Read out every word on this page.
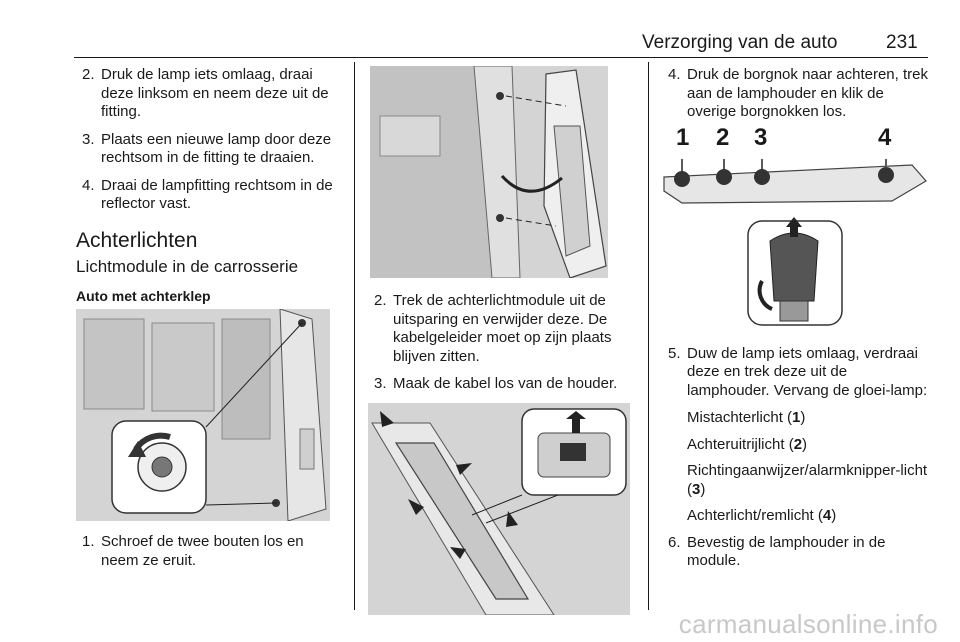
Verzorging van de auto	231
2. Druk de lamp iets omlaag, draai deze linksom en neem deze uit de fitting.
3. Plaats een nieuwe lamp door deze rechtsom in de fitting te draaien.
4. Draai de lampfitting rechtsom in de reflector vast.
Achterlichten
Lichtmodule in de carrosserie
Auto met achterklep
1. Schroef de twee bouten los en neem ze eruit.
2. Trek de achterlichtmodule uit de uitsparing en verwijder deze. De kabelgeleider moet op zijn plaats blijven zitten.
3. Maak de kabel los van de houder.
4. Druk de borgnok naar achteren, trek aan de lamphouder en klik de overige borgnokken los.
1 2 3	4
5. Duw de lamp iets omlaag, verdraai deze en trek deze uit de lamphouder. Vervang de gloei-lamp:

Mistachterlicht (1)

Achteruitrijlicht (2)

Richtingaanwijzer/alarmknipper-licht (3)

Achterlicht/remlicht (4)

6. Bevestig de lamphouder in de module.
carmanualsonline.info
